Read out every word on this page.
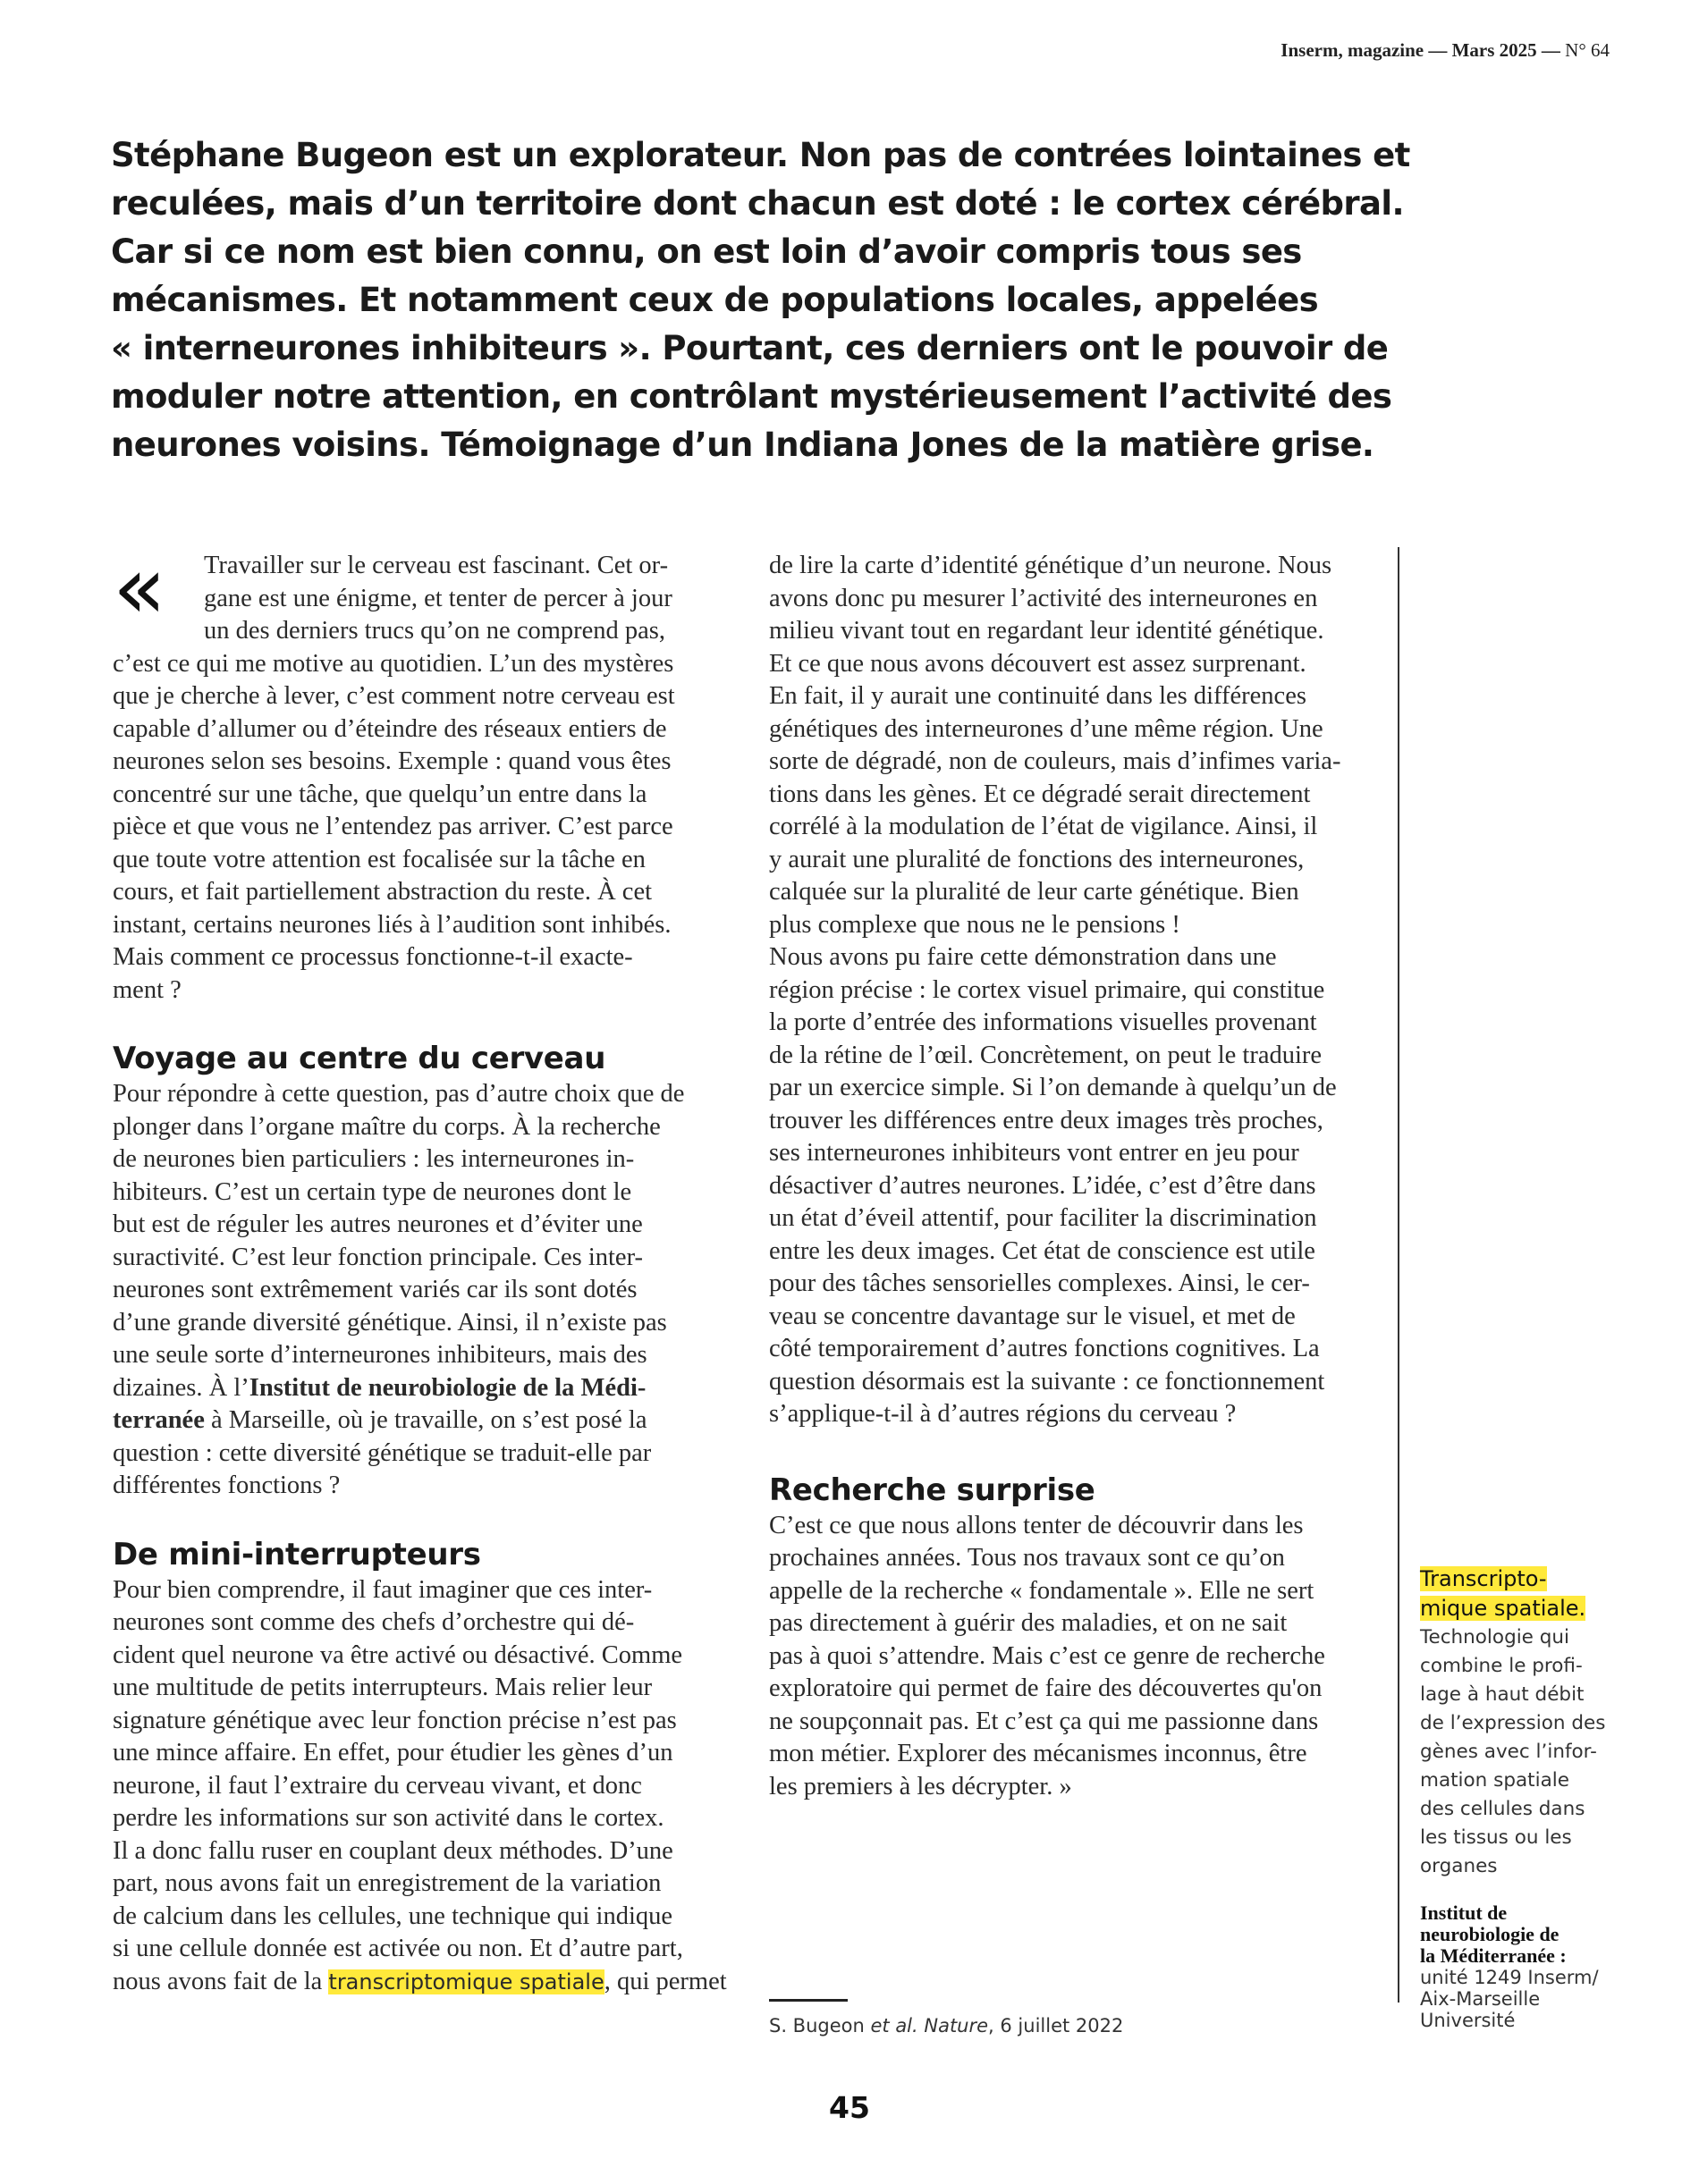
Inserm, magazine — Mars 2025 — N° 64
Stéphane Bugeon est un explorateur. Non pas de contrées lointaines et
reculées, mais d’un territoire dont chacun est doté : le cortex cérébral.
Car si ce nom est bien connu, on est loin d’avoir compris tous ses
mécanismes. Et notamment ceux de populations locales, appelées
« interneurones inhibiteurs ». Pourtant, ces derniers ont le pouvoir de
moduler notre attention, en contrôlant mystérieusement l’activité des
neurones voisins. Témoignage d’un Indiana Jones de la matière grise.
«	Travailler sur le cerveau est fascinant. Cet or-
gane est une énigme, et tenter de percer à jour
un des derniers trucs qu’on ne comprend pas,
c’est ce qui me motive au quotidien. L’un des mystères
que je cherche à lever, c’est comment notre cerveau est
capable d’allumer ou d’éteindre des réseaux entiers de
neurones selon ses besoins. Exemple : quand vous êtes
concentré sur une tâche, que quelqu’un entre dans la
pièce et que vous ne l’entendez pas arriver. C’est parce
que toute votre attention est focalisée sur la tâche en
cours, et fait partiellement abstraction du reste. À cet
instant, certains neurones liés à l’audition sont inhibés.
Mais comment ce processus fonctionne-t-il exacte-
ment ?
Voyage au centre du cerveau
Pour répondre à cette question, pas d’autre choix que de
plonger dans l’organe maître du corps. À la recherche
de neurones bien particuliers : les interneurones in-
hibiteurs. C’est un certain type de neurones dont le
but est de réguler les autres neurones et d’éviter une
suractivité. C’est leur fonction principale. Ces inter-
neurones sont extrêmement variés car ils sont dotés
d’une grande diversité génétique. Ainsi, il n’existe pas
une seule sorte d’interneurones inhibiteurs, mais des
dizaines. À l’Institut de neurobiologie de la Médi-
terranée à Marseille, où je travaille, on s’est posé la
question : cette diversité génétique se traduit-elle par
différentes fonctions ?
De mini-interrupteurs
Pour bien comprendre, il faut imaginer que ces inter-
neurones sont comme des chefs d’orchestre qui dé-
cident quel neurone va être activé ou désactivé. Comme
une multitude de petits interrupteurs. Mais relier leur
signature génétique avec leur fonction précise n’est pas
une mince affaire. En effet, pour étudier les gènes d’un
neurone, il faut l’extraire du cerveau vivant, et donc
perdre les informations sur son activité dans le cortex.
Il a donc fallu ruser en couplant deux méthodes. D’une
part, nous avons fait un enregistrement de la variation
de calcium dans les cellules, une technique qui indique
si une cellule donnée est activée ou non. Et d’autre part,
nous avons fait de la transcriptomique spatiale, qui permet
de lire la carte d’identité génétique d’un neurone. Nous
avons donc pu mesurer l’activité des interneurones en
milieu vivant tout en regardant leur identité génétique.
Et ce que nous avons découvert est assez surprenant.
En fait, il y aurait une continuité dans les différences
génétiques des interneurones d’une même région. Une
sorte de dégradé, non de couleurs, mais d’infimes varia-
tions dans les gènes. Et ce dégradé serait directement
corrélé à la modulation de l’état de vigilance. Ainsi, il
y aurait une pluralité de fonctions des interneurones,
calquée sur la pluralité de leur carte génétique. Bien
plus complexe que nous ne le pensions !
Nous avons pu faire cette démonstration dans une
région précise : le cortex visuel primaire, qui constitue
la porte d’entrée des informations visuelles provenant
de la rétine de l’œil. Concrètement, on peut le traduire
par un exercice simple. Si l’on demande à quelqu’un de
trouver les différences entre deux images très proches,
ses interneurones inhibiteurs vont entrer en jeu pour
désactiver d’autres neurones. L’idée, c’est d’être dans
un état d’éveil attentif, pour faciliter la discrimination
entre les deux images. Cet état de conscience est utile
pour des tâches sensorielles complexes. Ainsi, le cer-
veau se concentre davantage sur le visuel, et met de
côté temporairement d’autres fonctions cognitives. La
question désormais est la suivante : ce fonctionnement
s’applique-t-il à d’autres régions du cerveau ?
Recherche surprise
C’est ce que nous allons tenter de découvrir dans les
prochaines années. Tous nos travaux sont ce qu’on
appelle de la recherche « fondamentale ». Elle ne sert
pas directement à guérir des maladies, et on ne sait
pas à quoi s’attendre. Mais c’est ce genre de recherche
exploratoire qui permet de faire des découvertes qu'on
ne soupçonnait pas. Et c’est ça qui me passionne dans
mon métier. Explorer des mécanismes inconnus, être
les premiers à les décrypter. »
Transcripto-
mique spatiale.
Technologie qui
combine le profi-
lage à haut débit
de l’expression des
gènes avec l’infor-
mation spatiale
des cellules dans
les tissus ou les
organes
Institut de
neurobiologie de
la Méditerranée :
unité 1249 Inserm/
Aix-Marseille
Université
S. Bugeon et al. Nature, 6 juillet 2022
45
